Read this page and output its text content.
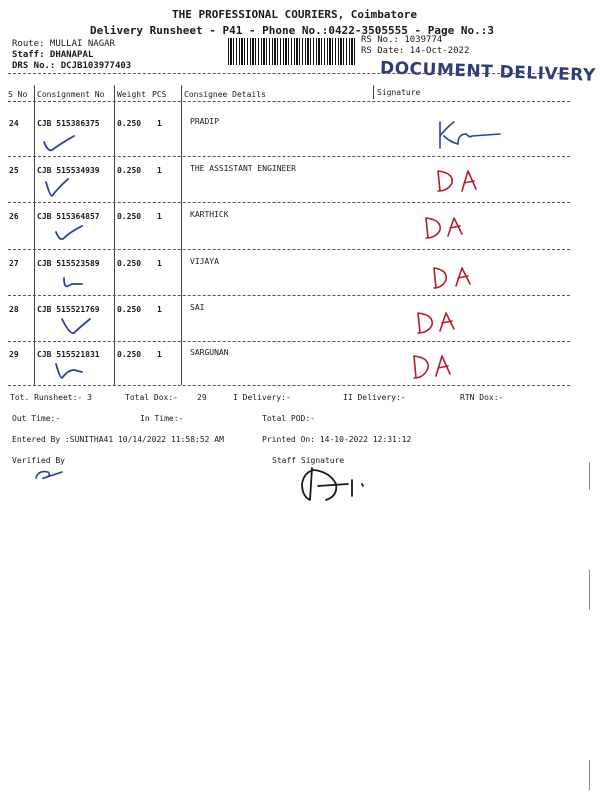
THE PROFESSIONAL COURIERS, Coimbatore
Delivery Runsheet - P41 - Phone No.:0422-3505555 - Page No.:3
Route: MULLAI NAGAR
Staff: DHANAPAL
DRS No.: DCJB103977403
RS No.: 1039774
RS Date: 14-Oct-2022
DOCUMENT DELIVERY
S No Consignment No Weight PCS Consignee Details	Signature
24 CJB 515386375 0.250 1	PRADIP
25 CJB 515534939 0.250 1	THE ASSISTANT ENGINEER
26 CJB 515364857 0.250 1	KARTHICK
27 CJB 515523589 0.250 1	VIJAYA
28 CJB 515521769 0.250 1	SAI
29 CJB 515521831 0.250 1	SARGUNAN
Tot. Runsheet:- 3	Total Dox:- 29	I Delivery:-	II Delivery:-	RTN Dox:-
Out Time:-	In Time:-	Total POD:-
Entered By :SUNITHA41 10/14/2022 11:58:52 AM	Printed On: 14-10-2022 12:31:12
Verified By	Staff Signature
